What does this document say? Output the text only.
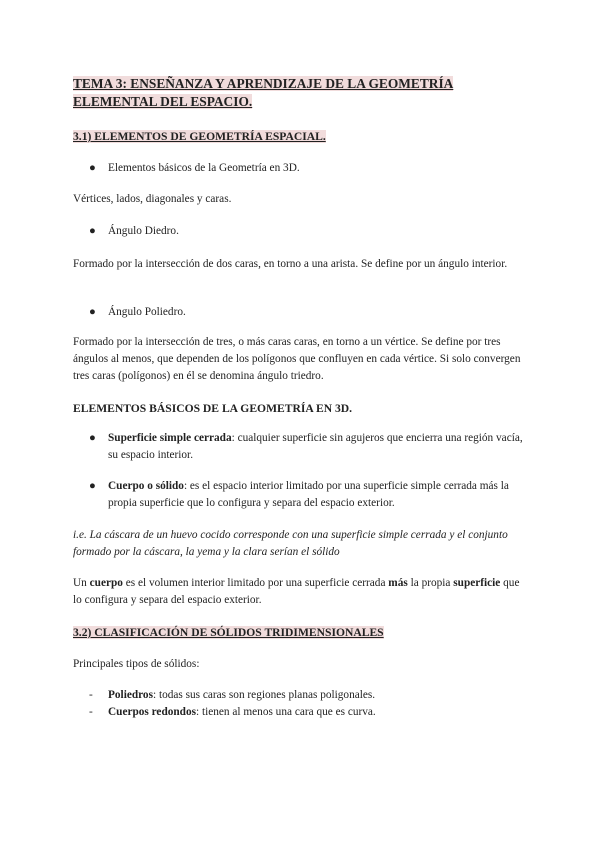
TEMA 3: ENSEÑANZA Y APRENDIZAJE DE LA GEOMETRÍA
ELEMENTAL DEL ESPACIO.
3.1) ELEMENTOS DE GEOMETRÍA ESPACIAL.
● Elementos básicos de la Geometría en 3D.

Vértices, lados, diagonales y caras.

● Ángulo Diedro.

Formado por la intersección de dos caras, en torno a una arista. Se define por un ángulo interior.

● Ángulo Poliedro.

Formado por la intersección de tres, o más caras caras, en torno a un vértice. Se define por tres ángulos al menos, que dependen de los polígonos que confluyen en cada vértice. Si solo convergen tres caras (polígonos) en él se denomina ángulo triedro.

ELEMENTOS BÁSICOS DE LA GEOMETRÍA EN 3D.
● Superficie simple cerrada: cualquier superficie sin agujeros que encierra una región vacía, su espacio interior.
● Cuerpo o sólido: es el espacio interior limitado por una superficie simple cerrada más la propia superficie que lo configura y separa del espacio exterior.

i.e. La cáscara de un huevo cocido corresponde con una superficie simple cerrada y el conjunto formado por la cáscara, la yema y la clara serían el sólido

Un cuerpo es el volumen interior limitado por una superficie cerrada más la propia superficie que lo configura y separa del espacio exterior.

3.2) CLASIFICACIÓN DE SÓLIDOS TRIDIMENSIONALES

Principales tipos de sólidos:

- Poliedros: todas sus caras son regiones planas poligonales.
- Cuerpos redondos: tienen al menos una cara que es curva.
